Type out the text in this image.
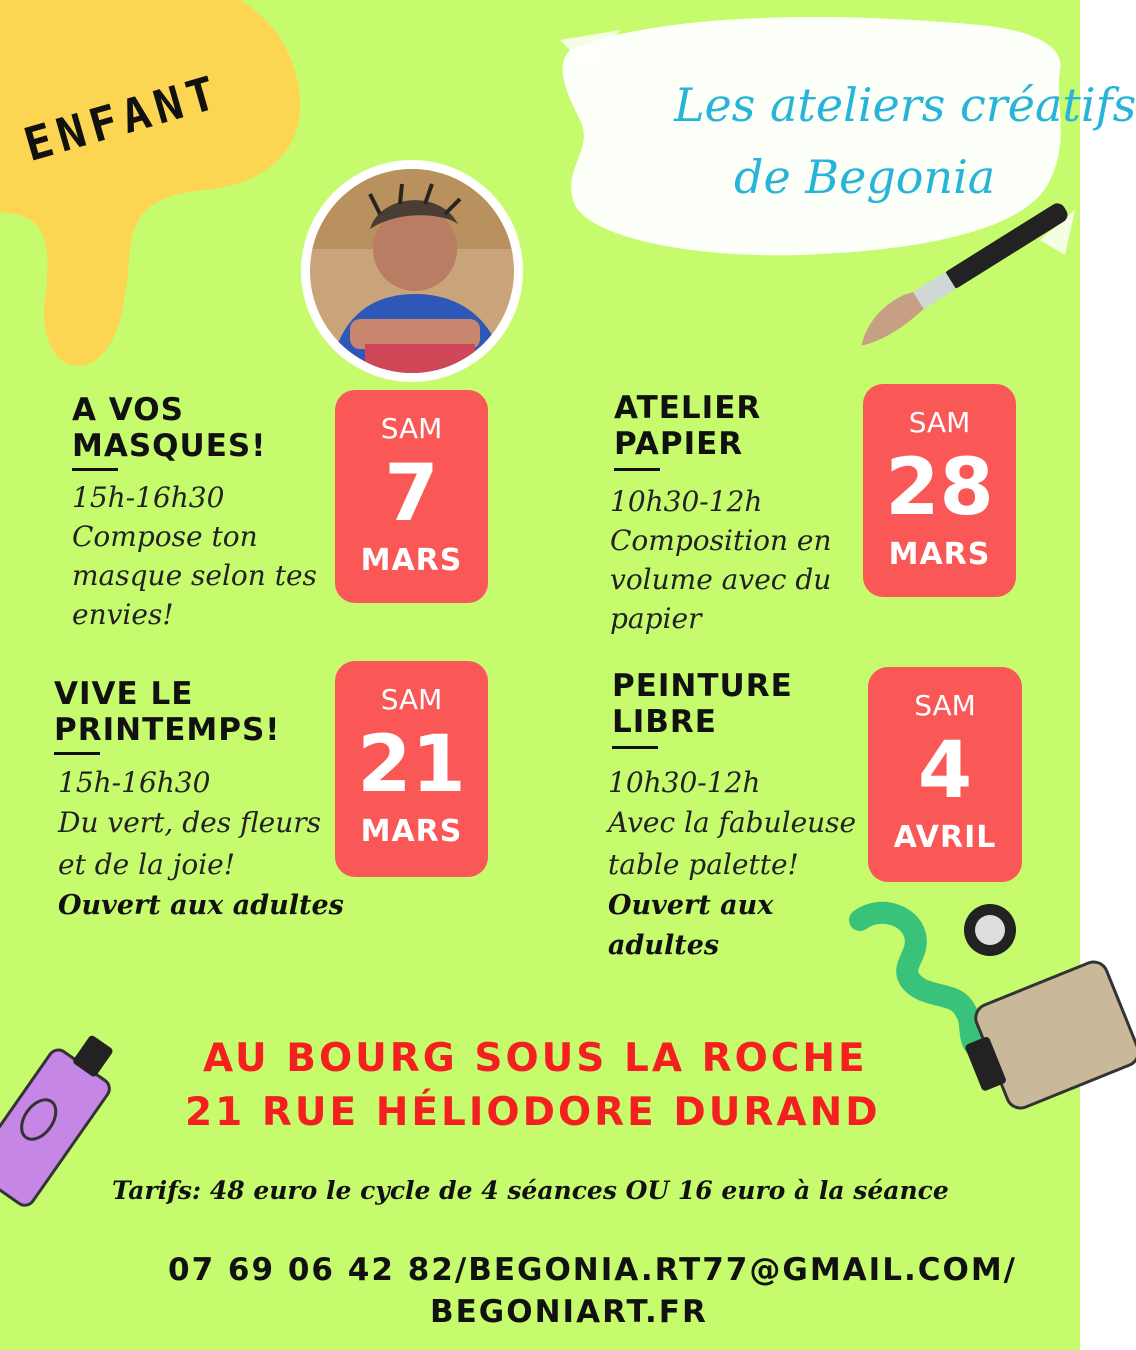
ENFANT	Les ateliers créatifs
de Begonia
A VOS
MASQUES!
15h-16h30
Compose ton
masque selon tes
envies!
SAM
7
MARS
ATELIER
PAPIER
10h30-12h
Composition en
volume avec du
papier
SAM
28
MARS
VIVE LE
PRINTEMPS!
15h-16h30
Du vert, des fleurs
et de la joie!
Ouvert aux adultes
SAM
21
MARS
PEINTURE
LIBRE
10h30-12h
Avec la fabuleuse
table palette!
Ouvert aux
adultes
SAM
4
AVRIL
AU BOURG SOUS LA ROCHE
21 RUE HÉLIODORE DURAND
Tarifs: 48 euro le cycle de 4 séances OU 16 euro à la séance
07 69 06 42 82/BEGONIA.RT77@GMAIL.COM/
BEGONIART.FR
